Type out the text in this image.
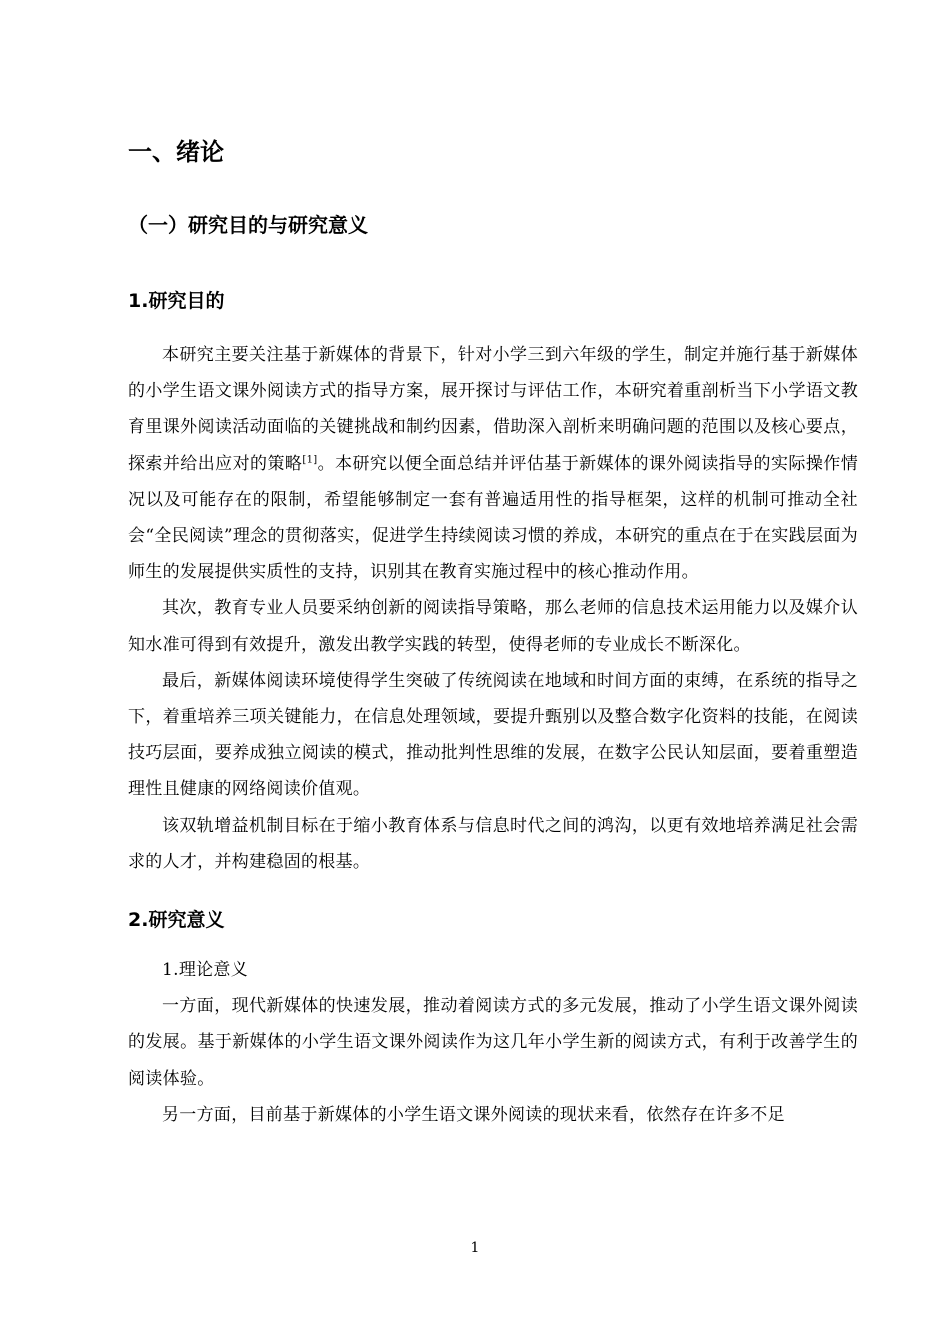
一、绪论
（一）研究目的与研究意义
1.研究目的

本研究主要关注基于新媒体的背景下，针对小学三到六年级的学生，制定并施行基于新媒体的小学生语文课外阅读方式的指导方案，展开探讨与评估工作，本研究着重剖析当下小学语文教育里课外阅读活动面临的关键挑战和制约因素，借助深入剖析来明确问题的范围以及核心要点，探索并给出应对的策略[1]。本研究以便全面总结并评估基于新媒体的课外阅读指导的实际操作情况以及可能存在的限制，希望能够制定一套有普遍适用性的指导框架，这样的机制可推动全社会“全民阅读”理念的贯彻落实，促进学生持续阅读习惯的养成，本研究的重点在于在实践层面为师生的发展提供实质性的支持，识别其在教育实施过程中的核心推动作用。

其次，教育专业人员要采纳创新的阅读指导策略，那么老师的信息技术运用能力以及媒介认知水准可得到有效提升，激发出教学实践的转型，使得老师的专业成长不断深化。

最后，新媒体阅读环境使得学生突破了传统阅读在地域和时间方面的束缚，在系统的指导之下，着重培养三项关键能力，在信息处理领域，要提升甄别以及整合数字化资料的技能，在阅读技巧层面，要养成独立阅读的模式，推动批判性思维的发展，在数字公民认知层面，要着重塑造理性且健康的网络阅读价值观。

该双轨增益机制目标在于缩小教育体系与信息时代之间的鸿沟，以更有效地培养满足社会需求的人才，并构建稳固的根基。

2.研究意义

1.理论意义

一方面，现代新媒体的快速发展，推动着阅读方式的多元发展，推动了小学生语文课外阅读的发展。基于新媒体的小学生语文课外阅读作为这几年小学生新的阅读方式，有利于改善学生的阅读体验。

另一方面，目前基于新媒体的小学生语文课外阅读的现状来看，依然存在许多不足

1
